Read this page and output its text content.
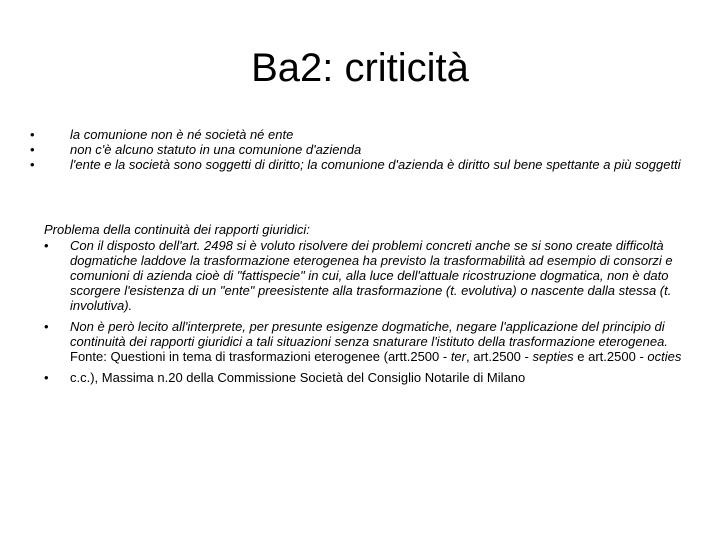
Ba2: criticità
•	la comunione non è né società né ente
•	non c'è alcuno statuto in una comunione d'azienda
•	l'ente e la società sono soggetti di diritto; la comunione d'azienda è diritto sul bene spettante a più soggetti

Problema della continuità dei rapporti giuridici:

• Con il disposto dell'art. 2498 si è voluto risolvere dei problemi concreti anche se si sono create difficoltà dogmatiche laddove la trasformazione eterogenea ha previsto la trasformabilità ad esempio di consorzi e comunioni di azienda cioè di "fattispecie" in cui, alla luce dell'attuale ricostruzione dogmatica, non è dato scorgere l'esistenza di un "ente" preesistente alla trasformazione (t. evolutiva) o nascente dalla stessa (t. involutiva).
• Non è però lecito all'interprete, per presunte esigenze dogmatiche, negare l'applicazione del principio di continuità dei rapporti giuridici a tali situazioni senza snaturare l'istituto della trasformazione eterogenea. Fonte: Questioni in tema di trasformazioni eterogenee (artt.2500 - ter, art.2500 - septies e art.2500 - octies
• c.c.), Massima n.20 della Commissione Società del Consiglio Notarile di Milano
